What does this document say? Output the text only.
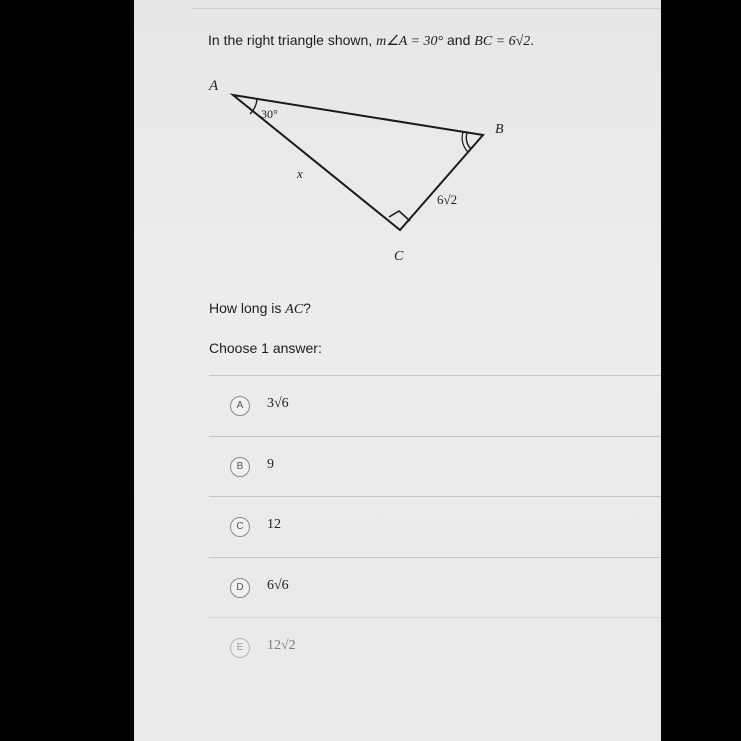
In the right triangle shown, m∠A = 30° and BC = 6√2.
A
B
C
30°
x
6√2
How long is AC?
Choose 1 answer:
A	3√6
B	9
C	12
D	6√6
E	12√2
